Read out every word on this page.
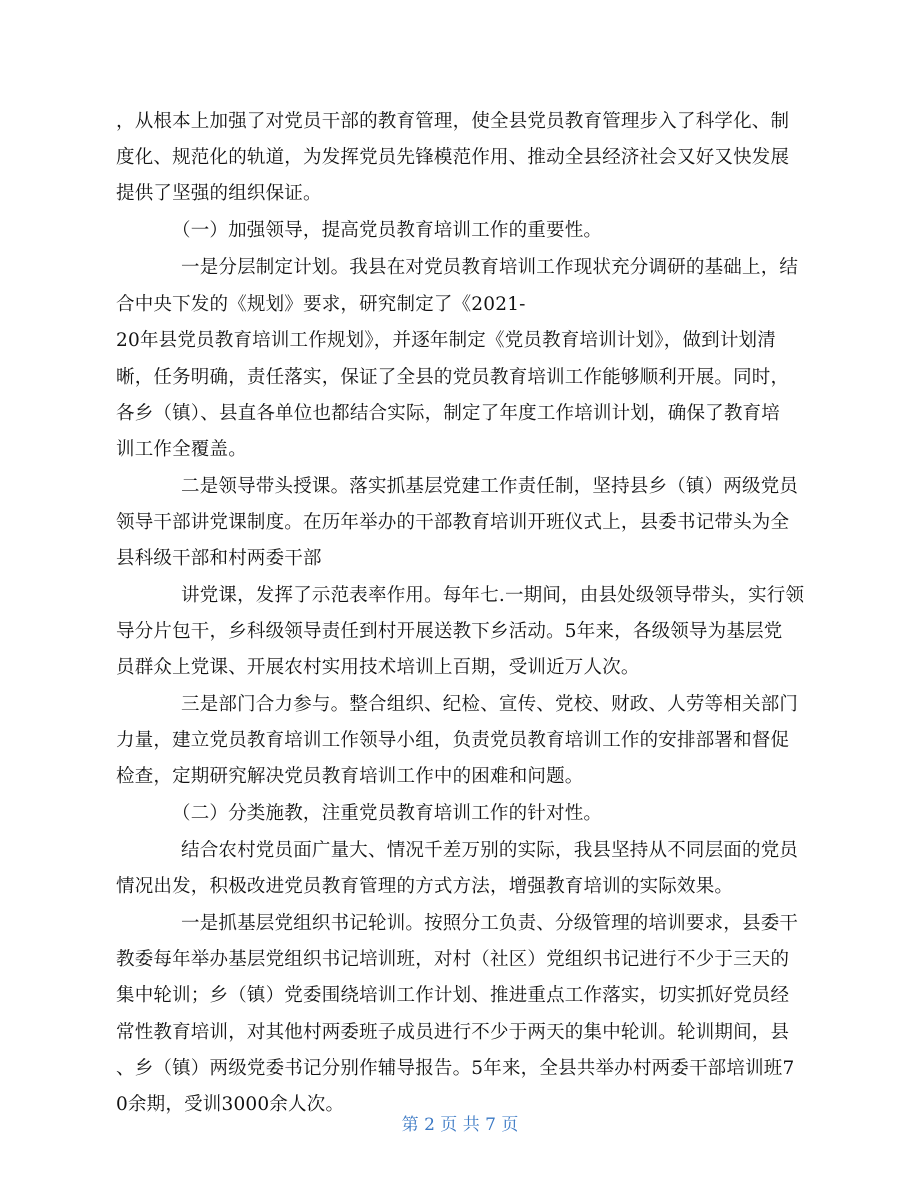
，从根本上加强了对党员干部的教育管理，使全县党员教育管理步入了科学化、制
度化、规范化的轨道，为发挥党员先锋模范作用、推动全县经济社会又好又快发展
提供了坚强的组织保证。
（一）加强领导，提高党员教育培训工作的重要性。
一是分层制定计划。我县在对党员教育培训工作现状充分调研的基础上，结
合中央下发的《规划》要求，研究制定了《2021-
20年县党员教育培训工作规划》，并逐年制定《党员教育培训计划》，做到计划清
晰，任务明确，责任落实，保证了全县的党员教育培训工作能够顺利开展。同时，
各乡（镇）、县直各单位也都结合实际，制定了年度工作培训计划，确保了教育培
训工作全覆盖。
二是领导带头授课。落实抓基层党建工作责任制，坚持县乡（镇）两级党员
领导干部讲党课制度。在历年举办的干部教育培训开班仪式上，县委书记带头为全
县科级干部和村两委干部
讲党课，发挥了示范表率作用。每年七.一期间，由县处级领导带头，实行领
导分片包干，乡科级领导责任到村开展送教下乡活动。5年来，各级领导为基层党
员群众上党课、开展农村实用技术培训上百期，受训近万人次。
三是部门合力参与。整合组织、纪检、宣传、党校、财政、人劳等相关部门
力量，建立党员教育培训工作领导小组，负责党员教育培训工作的安排部署和督促
检查，定期研究解决党员教育培训工作中的困难和问题。
（二）分类施教，注重党员教育培训工作的针对性。
结合农村党员面广量大、情况千差万别的实际，我县坚持从不同层面的党员
情况出发，积极改进党员教育管理的方式方法，增强教育培训的实际效果。
一是抓基层党组织书记轮训。按照分工负责、分级管理的培训要求，县委干
教委每年举办基层党组织书记培训班，对村（社区）党组织书记进行不少于三天的
集中轮训；乡（镇）党委围绕培训工作计划、推进重点工作落实，切实抓好党员经
常性教育培训，对其他村两委班子成员进行不少于两天的集中轮训。轮训期间，县
、乡（镇）两级党委书记分别作辅导报告。5年来，全县共举办村两委干部培训班7
0余期，受训3000余人次。
第 2 页 共 7 页
